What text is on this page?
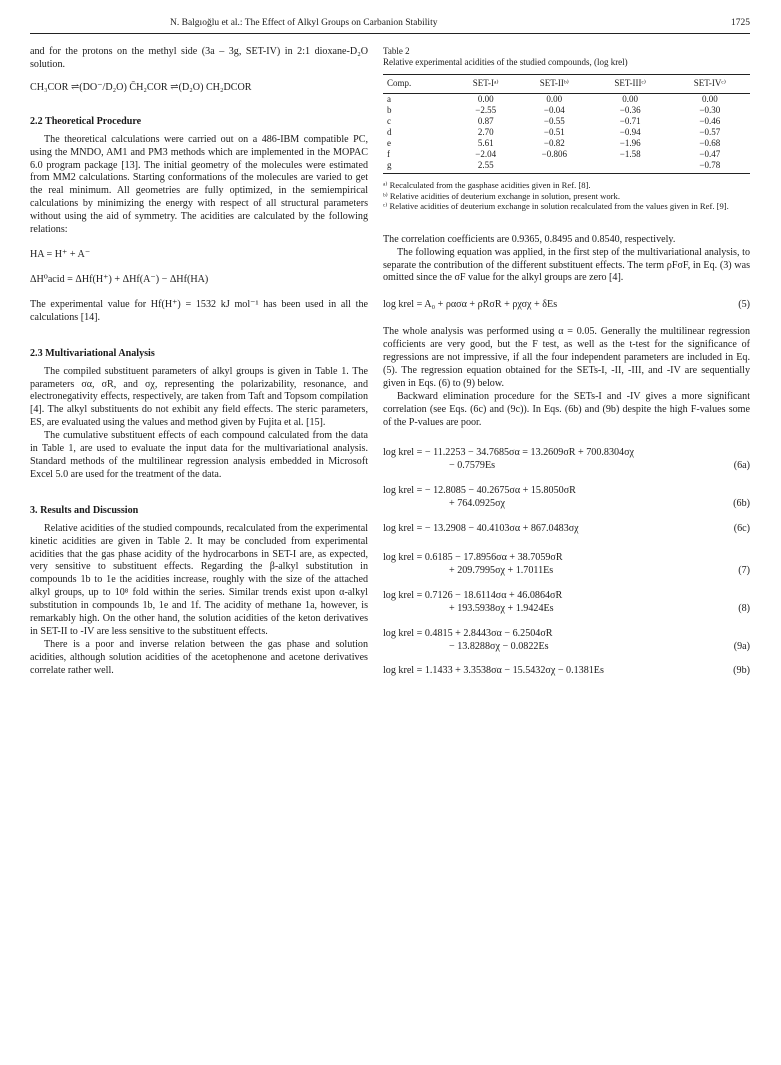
N. Balgıoğlu et al.: The Effect of Alkyl Groups on Carbanion Stability	1725

and for the protons on the methyl side (3a – 3g, SET-IV) in 2:1 dioxane-D₂O solution.

CH₃COR ⇌(DO⁻/D₂O) C̄H₂COR ⇌(D₂O) CH₂DCOR

2.2 Theoretical Procedure

The theoretical calculations were carried out on a 486-IBM compatible PC, using the MNDO, AM1 and PM3 methods which are implemented in the MOPAC 6.0 program package [13]. The initial geometry of the molecules were estimated from MM2 calculations. Starting conformations of the molecules are varied to get the real minimum. All geometries are fully optimized, in the semiempirical calculations by minimizing the energy with respect of all structural parameters without using the aid of symmetry. The acidities are calculated by the following relations:

HA = H⁺ + A⁻

ΔH⁰acid = ΔHf(H⁺) + ΔHf(A⁻) − ΔHf(HA)

The experimental value for Hf(H⁺) = 1532 kJ mol⁻¹ has been used in all the calculations [14].

2.3 Multivariational Analysis

The compiled substituent parameters of alkyl groups is given in Table 1. The parameters σα, σR, and σχ, representing the polarizability, resonance, and electronegativity effects, respectively, are taken from Taft and Topsom compilation [4]. The alkyl substituents do not exhibit any field effects. The steric parameters, ES, are evaluated using the values and method given by Fujita et al. [15].

The cumulative substituent effects of each compound calculated from the data in Table 1, are used to evaluate the input data for the multivariational analysis. Standard methods of the multilinear regression analysis embedded in Microsoft Excel 5.0 are used for the treatment of the data.

3. Results and Discussion

Relative acidities of the studied compounds, recalculated from the experimental kinetic acidities are given in Table 2. It may be concluded from experimental acidities that the gas phase acidity of the hydrocarbons in SET-I are, as expected, very sensitive to substituent effects. Regarding the β-alkyl substitution in compounds 1b to 1e the acidities increase, roughly with the size of the attached alkyl groups, up to 10⁸ fold within the series. Similar trends exist upon α-alkyl substitution in compounds 1b, 1e and 1f. The acidity of methane 1a, however, is remarkably high. On the other hand, the solution acidities of the keton derivatives in SET-II to -IV are less sensitive to the substituent effects.

There is a poor and inverse relation between the gas phase and solution acidities, although solution acidities of the acetophenone and acetone derivatives correlate rather well.

Table 2

Relative experimental acidities of the studied compounds, (log krel)

Comp.	SET-Iᵃ⁾	SET-IIᵇ⁾	SET-IIIᶜ⁾	SET-IVᶜ⁾
a	0.00	0.00	0.00	0.00
b	−2.55	−0.04	−0.36	−0.30
c	0.87	−0.55	−0.71	−0.46
d	2.70	−0.51	−0.94	−0.57
e	5.61	−0.82	−1.96	−0.68
f	−2.04	−0.806	−1.58	−0.47
g	2.55			−0.78

ᵃ⁾ Recalculated from the gasphase acidities given in Ref. [8].

ᵇ⁾ Relative acidities of deuterium exchange in solution, present work.

ᶜ⁾ Relative acidities of deuterium exchange in solution recalculated from the values given in Ref. [9].

The correlation coefficients are 0.9365, 0.8495 and 0.8540, respectively.

The following equation was applied, in the first step of the multivariational analysis, to separate the contribution of the different substituent effects. The term ρFσF, in Eq. (3) was omitted since the σF value for the alkyl groups are zero [4].

log krel = A₀ + ρασα + ρRσR + ρχσχ + δEs	(5)

The whole analysis was performed using α = 0.05. Generally the multilinear regression cofficients are very good, but the F test, as well as the t-test for the significance of regressions are not impressive, if all the four independent parameters are included in Eq. (5). The regression equation obtained for the SETs-I, -II, -III, and -IV are sequentially given in Eqs. (6) to (9) below.

Backward elimination procedure for the SETs-I and -IV gives a more significant correlation (see Eqs. (6c) and (9c)). In Eqs. (6b) and (9b) despite the high F-values some of the P-values are poor.

log krel = − 11.2253 − 34.7685σα = 13.2609σR + 700.8304σχ
− 0.7579Es	(6a)
log krel = − 12.8085 − 40.2675σα + 15.8050σR
+ 764.0925σχ	(6b)
log krel = − 13.2908 − 40.4103σα + 867.0483σχ	(6c)
log krel = 0.6185 − 17.8956σα + 38.7059σR
+ 209.7995σχ + 1.7011Es	(7)
log krel = 0.7126 − 18.6114σα + 46.0864σR
+ 193.5938σχ + 1.9424Es	(8)
log krel = 0.4815 + 2.8443σα − 6.2504σR
− 13.8288σχ − 0.0822Es	(9a)
log krel = 1.1433 + 3.3538σα − 15.5432σχ − 0.1381Es	(9b)
